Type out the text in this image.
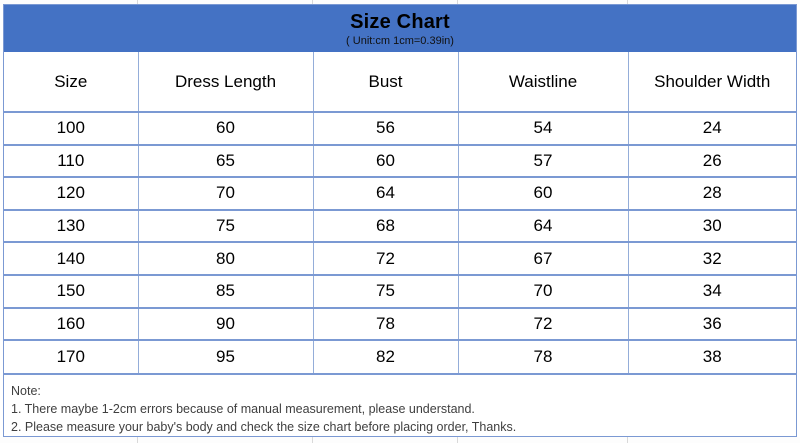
Size Chart
( Unit:cm 1cm=0.39in)
Size	Dress Length	Bust	Waistline	Shoulder Width
100	60	56	54	24
110	65	60	57	26
120	70	64	60	28
130	75	68	64	30
140	80	72	67	32
150	85	75	70	34
160	90	78	72	36
170	95	82	78	38
Note:
1. There maybe 1-2cm errors because of manual measurement, please understand.
2. Please measure your baby's body and check the size chart before placing order, Thanks.
